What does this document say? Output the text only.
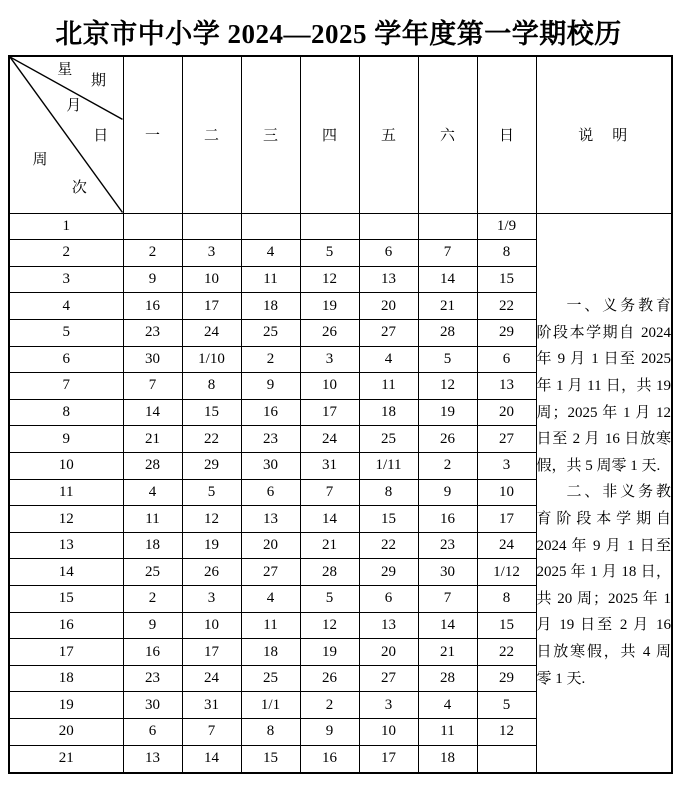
北京市中小学 2024—2025 学年度第一学期校历
星
期
月
日
周
次
	一	二	三	四	五	六	日	说　明
1							1/9	一、义务教育阶段本学期自 2024 年 9 月 1 日至 2025 年 1 月 11 日，共 19 周；2025 年 1 月 12 日至 2 月 16 日放寒假，共 5 周零 1 天.

二、非义务教育阶段本学期自 2024 年 9 月 1 日至 2025 年 1 月 18 日，共 20 周；2025 年 1 月 19 日至 2 月 16 日放寒假，共 4 周零 1 天.

2	2	3	4	5	6	7	8	
3	9	10	11	12	13	14	15	
4	16	17	18	19	20	21	22	
5	23	24	25	26	27	28	29	
6	30	1/10	2	3	4	5	6	
7	7	8	9	10	11	12	13	
8	14	15	16	17	18	19	20	
9	21	22	23	24	25	26	27	
10	28	29	30	31	1/11	2	3	
11	4	5	6	7	8	9	10	
12	11	12	13	14	15	16	17	
13	18	19	20	21	22	23	24	
14	25	26	27	28	29	30	1/12	
15	2	3	4	5	6	7	8	
16	9	10	11	12	13	14	15	
17	16	17	18	19	20	21	22	
18	23	24	25	26	27	28	29	
19	30	31	1/1	2	3	4	5	
20	6	7	8	9	10	11	12	
21	13	14	15	16	17	18		
